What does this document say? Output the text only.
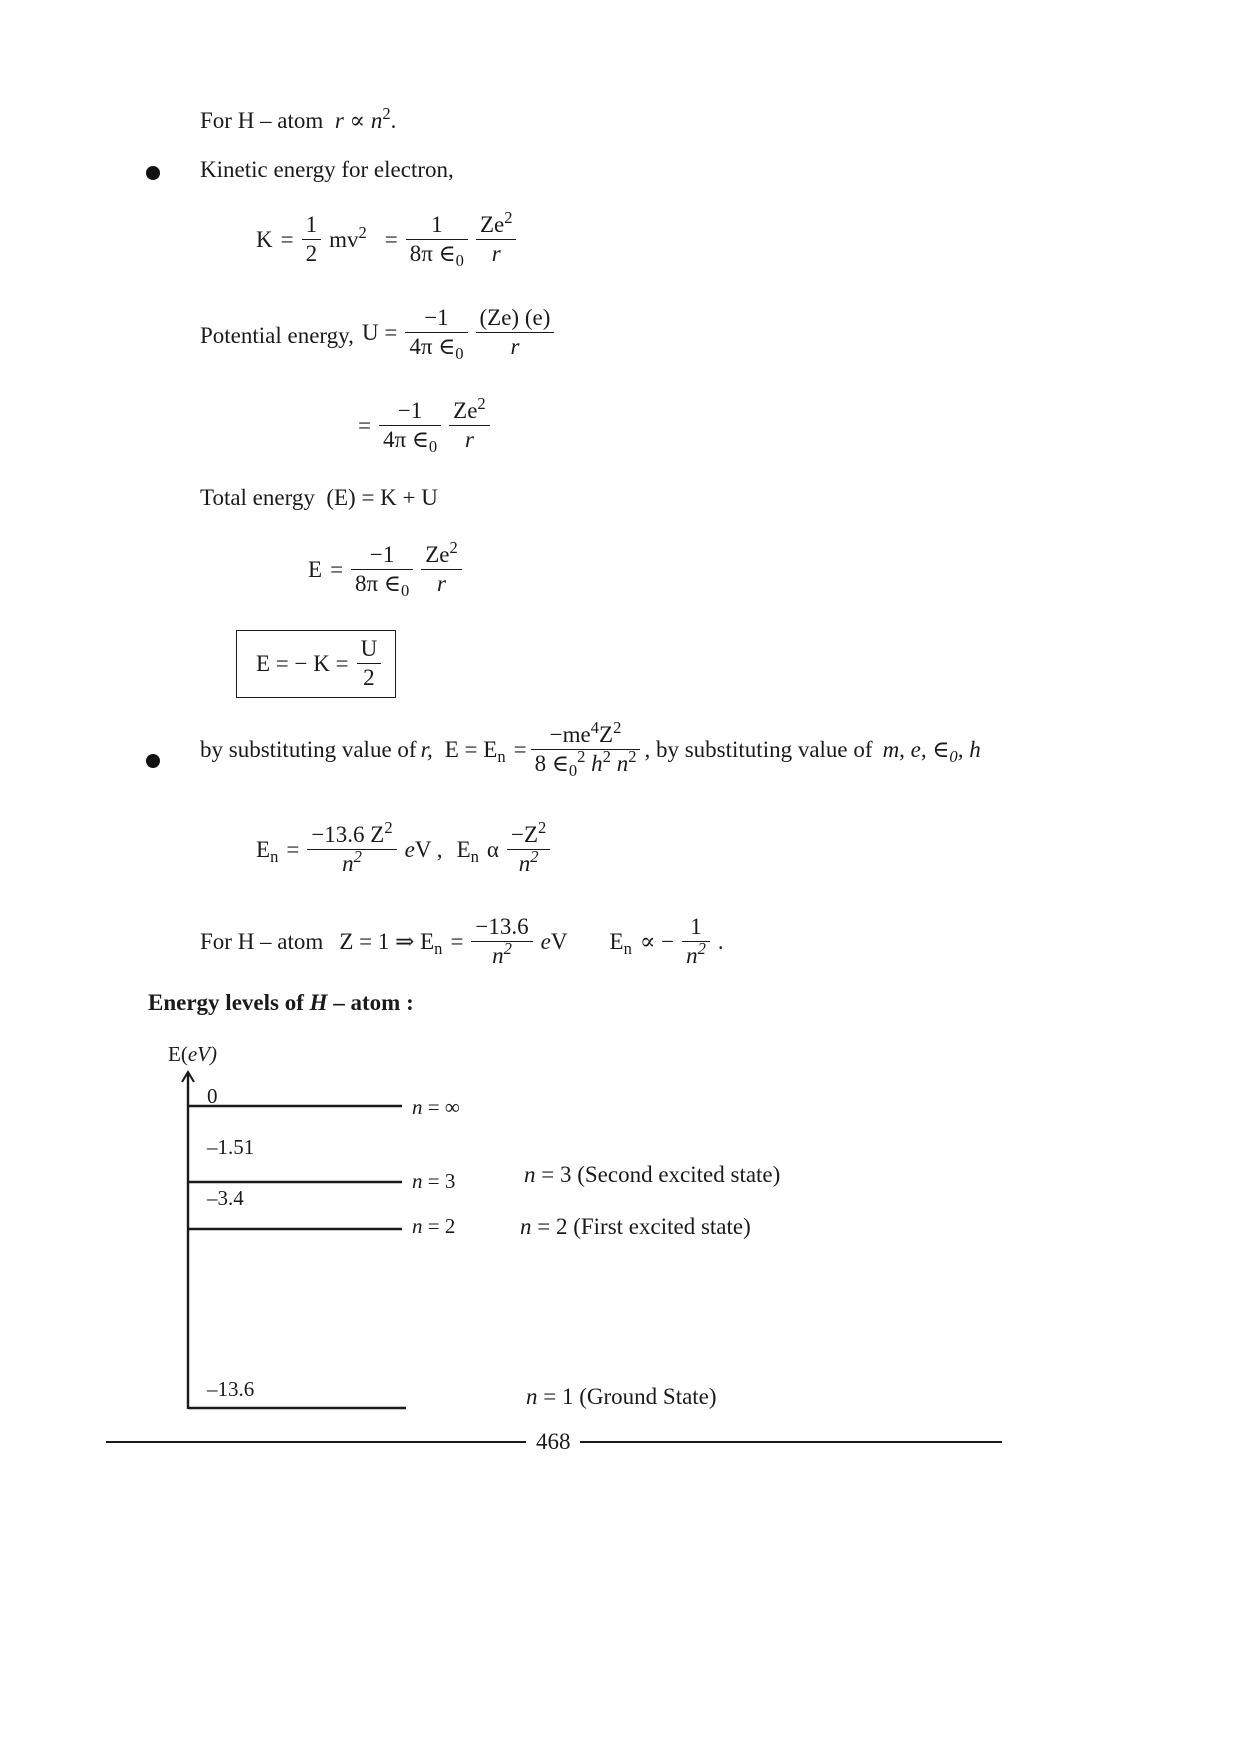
For H – atom $r \propto n^2$.
Kinetic energy for electron,
$K = \frac{1}{2} mv^2 = \frac{1}{8\pi \in_0} \frac{Ze^2}{r}$
Potential energy, $U = \frac{-1}{4\pi \in_0} \frac{(Ze) (e)}{r}$
= $\frac{-1}{4\pi \in_0} \frac{Ze^2}{r}$
Total energy (E) = K + U
$E = \frac{-1}{8\pi \in_0} \frac{Ze^2}{r}$
E = − $K = \frac{U}{2}$
by substituting value of r, $E = E_n = \frac{-me^4Z^2}{8 \in_0^2 h^2 n^2}$ , by substituting value of m, e, $\in_0$, h
$E_n = \frac{-13.6 Z^2}{n^2}$ eV , $E_n$ α $\frac{-Z^2}{n^2}$
For H – atom Z = 1 ⇒ $E_n = \frac{-13.6}{n^2}$ eV $E_n$ ∝ − $\frac{1}{n^2}$ .
Energy levels of H – atom :
E(eV)
0
–1.51
–3.4
–13.6
n = ∞
n = 3
n = 2
n = 3 (Second excited state)
n = 2 (First excited state)
n = 1 (Ground State)
468
